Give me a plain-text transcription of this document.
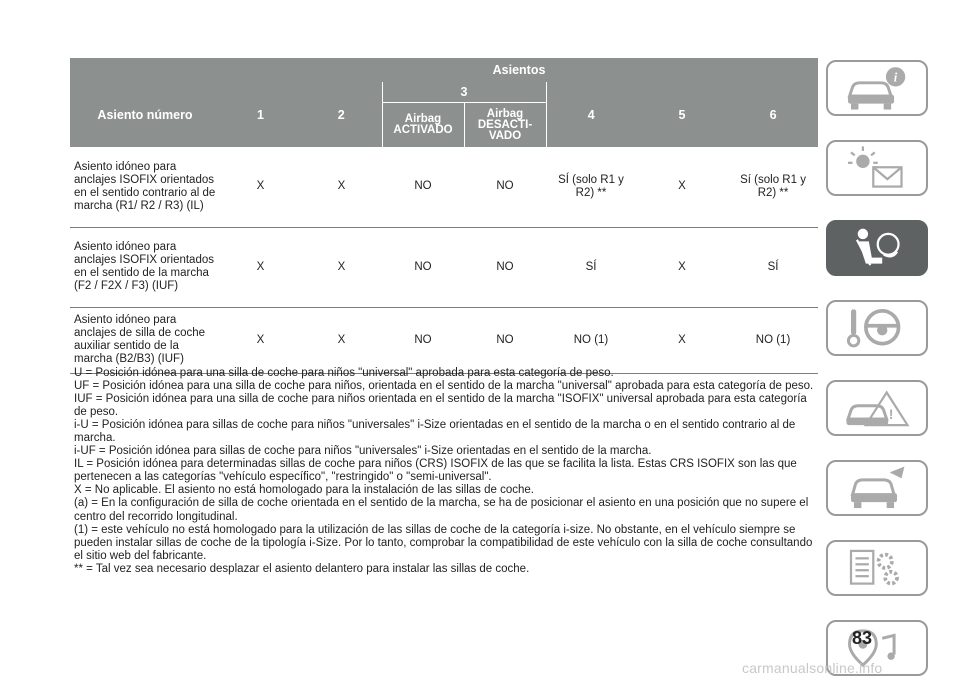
	Asientos						
Asiento número	1	2	3		4	5	6
			Airbag ACTIVADO	Airbag DESACTI-VADO			
Asiento idóneo para anclajes ISOFIX orientados en el sentido contrario al de marcha (R1/ R2 / R3) (IL)	X	X	NO	NO	SÍ (solo R1 y R2) **	X	Sí (solo R1 y R2) **
Asiento idóneo para anclajes ISOFIX orientados en el sentido de la marcha (F2 / F2X / F3) (IUF)	X	X	NO	NO	SÍ	X	SÍ
Asiento idóneo para anclajes de silla de coche auxiliar sentido de la marcha (B2/B3) (IUF)	X	X	NO	NO	NO (1)	X	NO (1)
U = Posición idónea para una silla de coche para niños "universal" aprobada para esta categoría de peso.
UF = Posición idónea para una silla de coche para niños, orientada en el sentido de la marcha "universal" aprobada para esta categoría de peso.
IUF = Posición idónea para una silla de coche para niños orientada en el sentido de la marcha "ISOFIX" universal aprobada para esta categoría de peso.
i-U = Posición idónea para sillas de coche para niños "universales" i-Size orientadas en el sentido de la marcha o en el sentido contrario al de marcha.
i-UF = Posición idónea para sillas de coche para niños "universales" i-Size orientadas en el sentido de la marcha.
IL = Posición idónea para determinadas sillas de coche para niños (CRS) ISOFIX de las que se facilita la lista. Estas CRS ISOFIX son las que pertenecen a las categorías "vehículo específico", "restringido" o "semi-universal".
X = No aplicable. El asiento no está homologado para la instalación de las sillas de coche.
(a) = En la configuración de silla de coche orientada en el sentido de la marcha, se ha de posicionar el asiento en una posición que no supere el centro del recorrido longitudinal.
(1) = este vehículo no está homologado para la utilización de las sillas de coche de la categoría i-size. No obstante, en el vehículo siempre se pueden instalar sillas de coche de la tipología i-Size. Por lo tanto, comprobar la compatibilidad de este vehículo con la silla de coche consultando el sitio web del fabricante.
** = Tal vez sea necesario desplazar el asiento delantero para instalar las sillas de coche.
i
!
83
carmanualsonline.info
